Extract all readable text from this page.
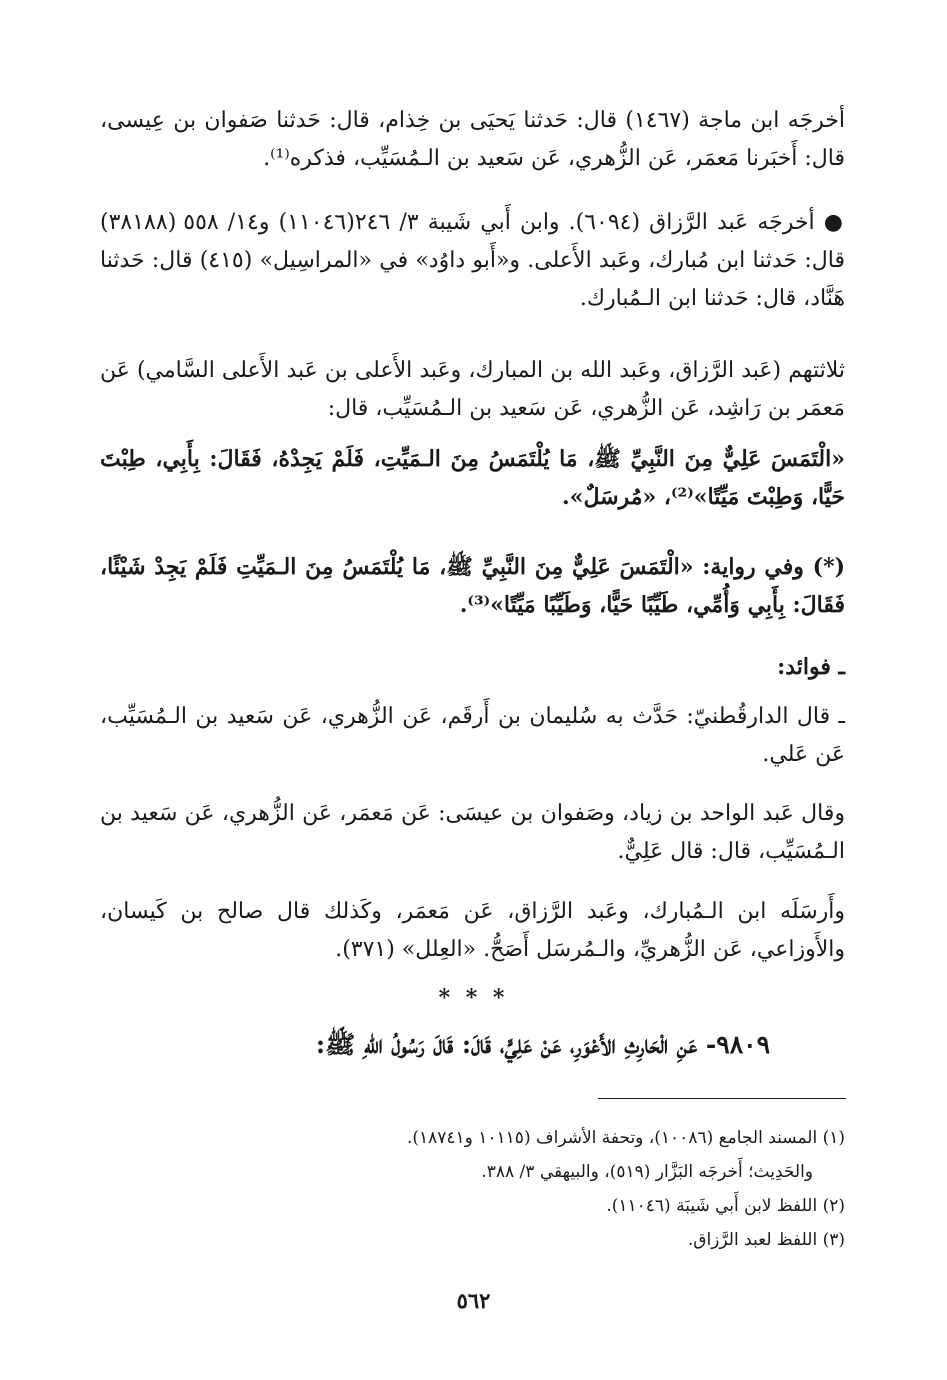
أخرجَه ابن ماجة (١٤٦٧) قال: حَدثنا يَحيَى بن خِذام، قال: حَدثنا صَفوان بن عِيسى، قال: أَخبَرنا مَعمَر، عَن الزُّهري، عَن سَعيد بن الـمُسَيِّب، فذكره⁽¹⁾.
● أخرجَه عَبد الرَّزاق (٦٠٩٤). وابن أَبي شَيبة ٣/ ٢٤٦(١١٠٤٦) و١٤/ ٥٥٨ (٣٨١٨٨) قال: حَدثنا ابن مُبارك، وعَبد الأَعلى. و«أَبو داوُد» في «المراسِيل» (٤١٥) قال: حَدثنا هَنَّاد، قال: حَدثنا ابن الـمُبارك.
ثلاثتهم (عَبد الرَّزاق، وعَبد الله بن المبارك، وعَبد الأَعلى بن عَبد الأَعلى السَّامي) عَن مَعمَر بن رَاشِد، عَن الزُّهري، عَن سَعيد بن الـمُسَيِّب، قال:
«الْتَمَسَ عَلِيٌّ مِنَ النَّبِيِّ ﷺ، مَا يُلْتَمَسُ مِنَ الـمَيِّتِ، فَلَمْ يَجِدْهُ، فَقَالَ: بِأَبِي، طِبْتَ حَيًّا، وَطِبْتَ مَيِّتًا»⁽²⁾، «مُرسَلٌ».
(*) وفي رواية: «الْتَمَسَ عَلِيٌّ مِنَ النَّبِيِّ ﷺ، مَا يُلْتَمَسُ مِنَ الـمَيِّتِ فَلَمْ يَجِدْ شَيْئًا، فَقَالَ: بِأَبِي وَأُمِّي، طَيِّبًا حَيًّا، وَطَيِّبًا مَيِّتًا»⁽³⁾.
ـ فوائد:
ـ قال الدارقُطنيّ: حَدَّث به سُليمان بن أَرقَم، عَن الزُّهري، عَن سَعيد بن الـمُسَيِّب، عَن عَلي.
وقال عَبد الواحد بن زياد، وصَفوان بن عيسَى: عَن مَعمَر، عَن الزُّهري، عَن سَعيد بن الـمُسَيِّب، قال: قال عَلِيٌّ.
وأَرسَلَه ابن الـمُبارك، وعَبد الرَّزاق، عَن مَعمَر، وكَذلك قال صالح بن كَيسان، والأَوزاعي، عَن الزُّهريِّ، والـمُرسَل أَصَحُّ. «العِلل» (٣٧١).
* * *
٩٨٠٩- عَنِ الْحَارِثِ الأَعْوَرِ، عَنْ عَلِيٍّ، قَالَ: قَالَ رَسُولُ اللهِ ﷺ:
(١) المسند الجامع (١٠٠٨٦)، وتحفة الأشراف (١٠١١٥ و١٨٧٤١).
والحَدِيث؛ أَخرجَه البَزَّار (٥١٩)، والبيهقي ٣/ ٣٨٨.
(٢) اللفظ لابن أَبي شَيبَة (١١٠٤٦).
(٣) اللفظ لعبد الرَّزاق.
٥٦٢
